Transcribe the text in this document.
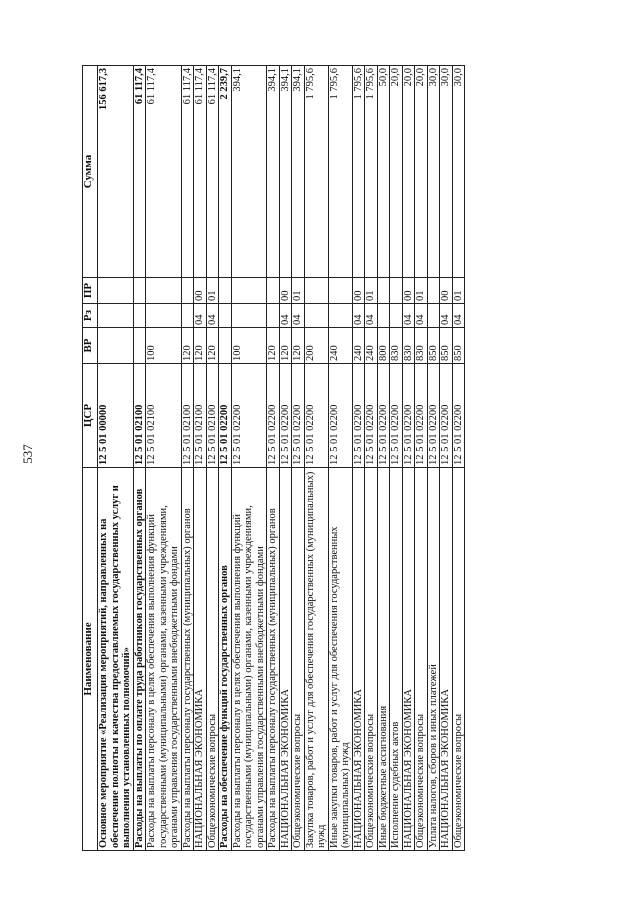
537
Наименование	ЦСР	ВР	Рз	ПР	Сумма
Основное мероприятие «Реализация мероприятий, направленных на обеспечение полноты и качества предоставляемых государственных услуг и выполнения установленных полномочий»	12 5 01 00000				156 617,3
Расходы на выплаты по оплате труда работников государственных органов	12 5 01 02100				61 117,4
Расходы на выплаты персоналу в целях обеспечения выполнения функций государственными (муниципальными) органами, казенными учреждениями, органами управления государственными внебюджетными фондами	12 5 01 02100	100			61 117,4
Расходы на выплаты персоналу государственных (муниципальных) органов	12 5 01 02100	120			61 117,4
НАЦИОНАЛЬНАЯ ЭКОНОМИКА	12 5 01 02100	120	04	00	61 117,4
Общеэкономические вопросы	12 5 01 02100	120	04	01	61 117,4
Расходы на обеспечение функций государственных органов	12 5 01 02200				2 239,7
Расходы на выплаты персоналу в целях обеспечения выполнения функций государственными (муниципальными) органами, казенными учреждениями, органами управления государственными внебюджетными фондами	12 5 01 02200	100			394,1
Расходы на выплаты персоналу государственных (муниципальных) органов	12 5 01 02200	120			394,1
НАЦИОНАЛЬНАЯ ЭКОНОМИКА	12 5 01 02200	120	04	00	394,1
Общеэкономические вопросы	12 5 01 02200	120	04	01	394,1
Закупка товаров, работ и услуг для обеспечения государственных (муниципальных) нужд	12 5 01 02200	200			1 795,6
Иные закупки товаров, работ и услуг для обеспечения государственных (муниципальных) нужд	12 5 01 02200	240			1 795,6
НАЦИОНАЛЬНАЯ ЭКОНОМИКА	12 5 01 02200	240	04	00	1 795,6
Общеэкономические вопросы	12 5 01 02200	240	04	01	1 795,6
Иные бюджетные ассигнования	12 5 01 02200	800			50,0
Исполнение судебных актов	12 5 01 02200	830			20,0
НАЦИОНАЛЬНАЯ ЭКОНОМИКА	12 5 01 02200	830	04	00	20,0
Общеэкономические вопросы	12 5 01 02200	830	04	01	20,0
Уплата налогов, сборов и иных платежей	12 5 01 02200	850			30,0
НАЦИОНАЛЬНАЯ ЭКОНОМИКА	12 5 01 02200	850	04	00	30,0
Общеэкономические вопросы	12 5 01 02200	850	04	01	30,0
